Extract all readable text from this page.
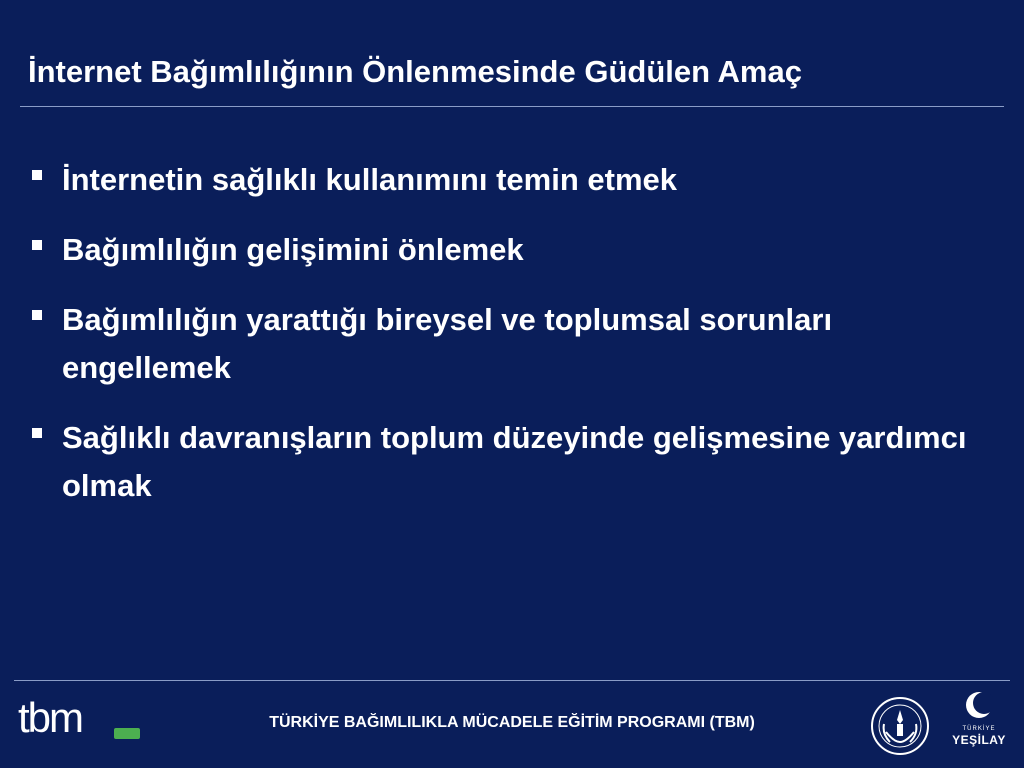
İnternet Bağımlılığının Önlenmesinde Güdülen Amaç
İnternetin sağlıklı kullanımını temin etmek
Bağımlılığın gelişimini önlemek
Bağımlılığın yarattığı bireysel ve toplumsal sorunları engellemek
Sağlıklı davranışların toplum düzeyinde gelişmesine yardımcı olmak
tbm	TÜRKİYE BAĞIMLILIKLA MÜCADELE EĞİTİM PROGRAMI (TBM)	TÜRKİYE
YEŞİLAY
